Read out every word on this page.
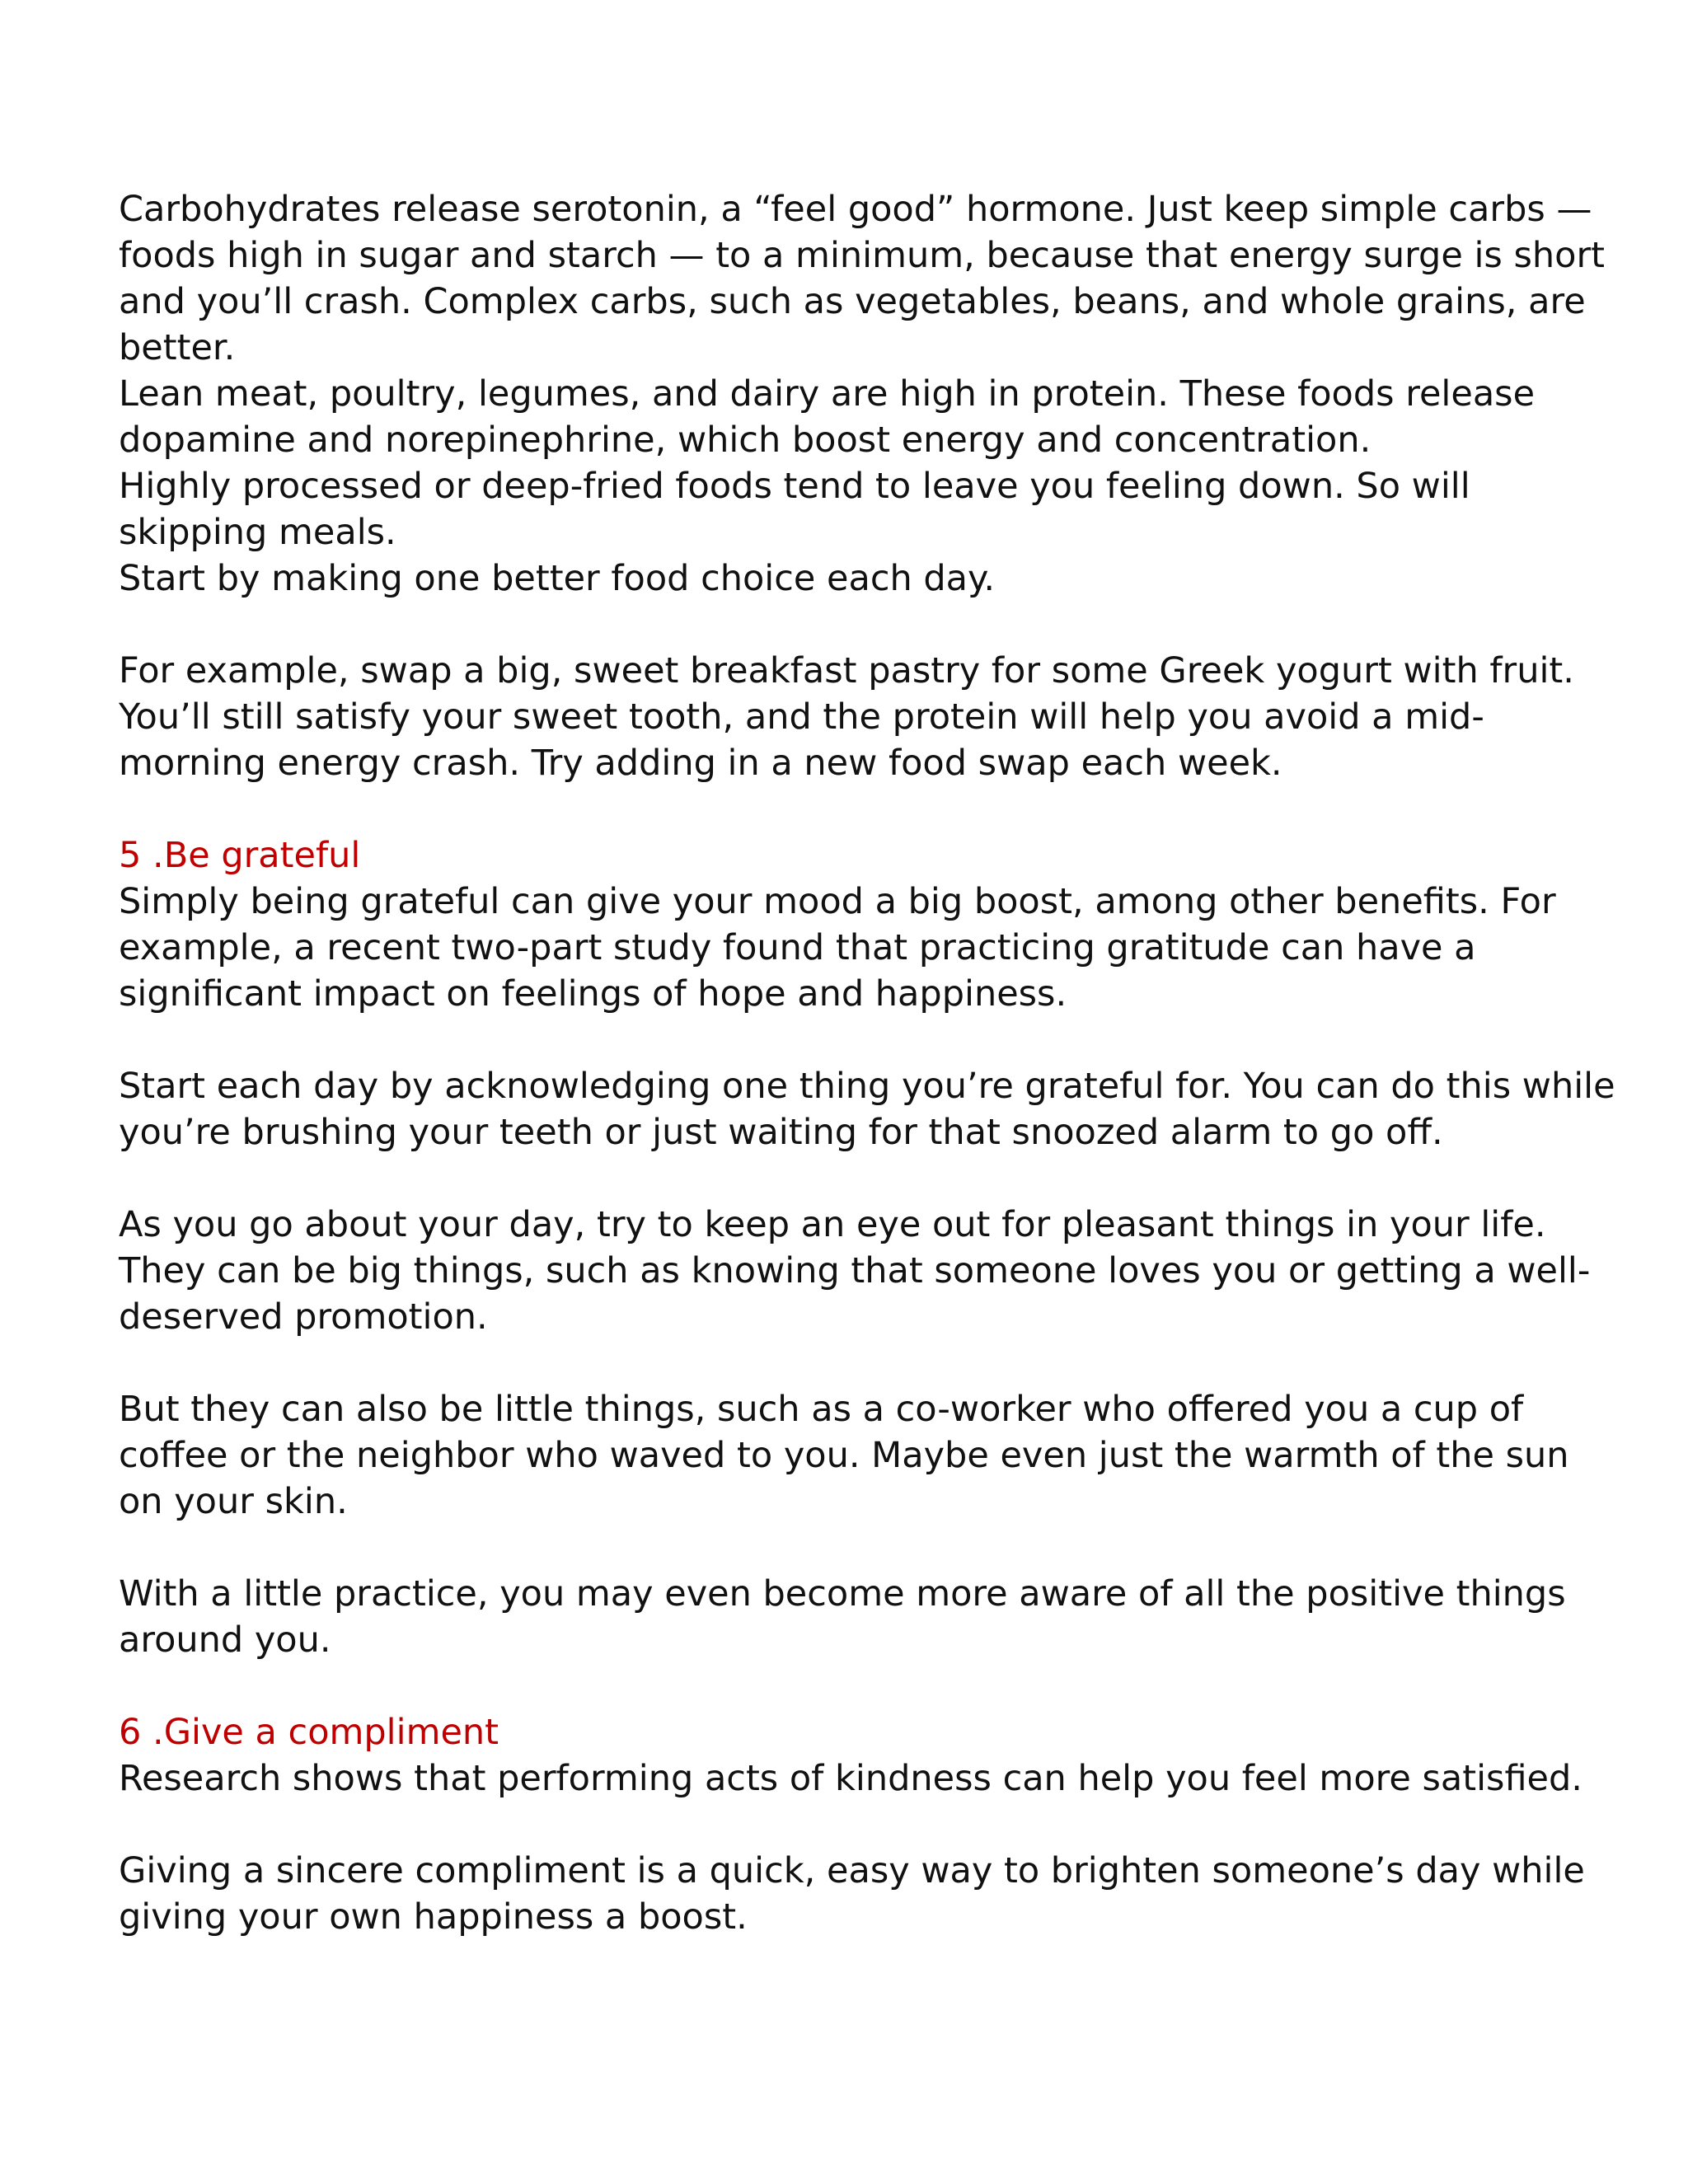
Carbohydrates release serotonin, a “feel good” hormone. Just keep simple carbs —
foods high in sugar and starch — to a minimum, because that energy surge is short
and you’ll crash. Complex carbs, such as vegetables, beans, and whole grains, are
better.
Lean meat, poultry, legumes, and dairy are high in protein. These foods release
dopamine and norepinephrine, which boost energy and concentration.
Highly processed or deep-fried foods tend to leave you feeling down. So will
skipping meals.
Start by making one better food choice each day.
For example, swap a big, sweet breakfast pastry for some Greek yogurt with fruit.
You’ll still satisfy your sweet tooth, and the protein will help you avoid a mid-
morning energy crash. Try adding in a new food swap each week.
5 .Be grateful
Simply being grateful can give your mood a big boost, among other benefits. For
example, a recent two-part study found that practicing gratitude can have a
significant impact on feelings of hope and happiness.
Start each day by acknowledging one thing you’re grateful for. You can do this while
you’re brushing your teeth or just waiting for that snoozed alarm to go off.
As you go about your day, try to keep an eye out for pleasant things in your life.
They can be big things, such as knowing that someone loves you or getting a well-
deserved promotion.
But they can also be little things, such as a co-worker who offered you a cup of
coffee or the neighbor who waved to you. Maybe even just the warmth of the sun
on your skin.
With a little practice, you may even become more aware of all the positive things
around you.
6 .Give a compliment
Research shows that performing acts of kindness can help you feel more satisfied.
Giving a sincere compliment is a quick, easy way to brighten someone’s day while
giving your own happiness a boost.
